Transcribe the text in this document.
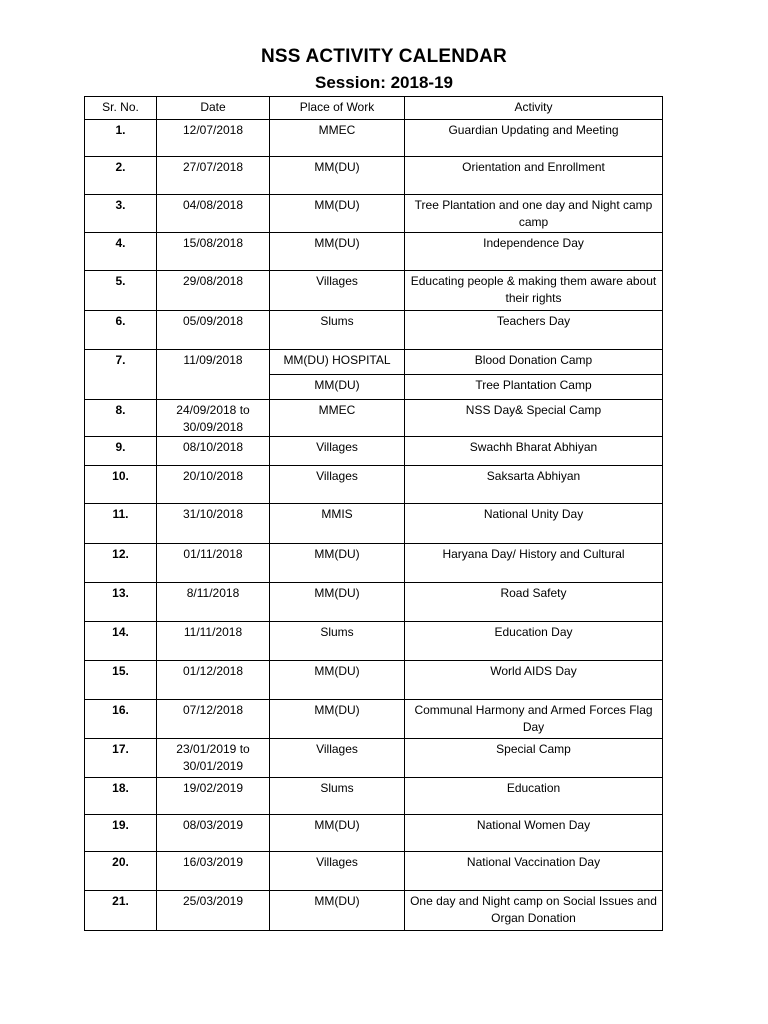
NSS ACTIVITY CALENDAR
Session: 2018-19
Sr. No.	Date	Place of Work	Activity
1.	12/07/2018	MMEC	Guardian Updating and Meeting
2.	27/07/2018	MM(DU)	Orientation and Enrollment
3.	04/08/2018	MM(DU)	Tree Plantation and one day and Night camp camp
4.	15/08/2018	MM(DU)	Independence Day
5.	29/08/2018	Villages	Educating people & making them aware about their rights
6.	05/09/2018	Slums	Teachers Day
7.	11/09/2018	MM(DU) HOSPITAL	Blood Donation Camp
		MM(DU)	Tree Plantation Camp
8.	24/09/2018 to 30/09/2018	MMEC	NSS Day& Special Camp
9.	08/10/2018	Villages	Swachh Bharat Abhiyan
10.	20/10/2018	Villages	Saksarta Abhiyan
11.	31/10/2018	MMIS	National Unity Day
12.	01/11/2018	MM(DU)	Haryana Day/ History and Cultural
13.	8/11/2018	MM(DU)	Road Safety
14.	11/11/2018	Slums	Education Day
15.	01/12/2018	MM(DU)	World AIDS Day
16.	07/12/2018	MM(DU)	Communal Harmony and Armed Forces Flag Day
17.	23/01/2019 to 30/01/2019	Villages	Special Camp
18.	19/02/2019	Slums	Education
19.	08/03/2019	MM(DU)	National Women Day
20.	16/03/2019	Villages	National Vaccination Day
21.	25/03/2019	MM(DU)	One day and Night camp on Social Issues and Organ Donation
